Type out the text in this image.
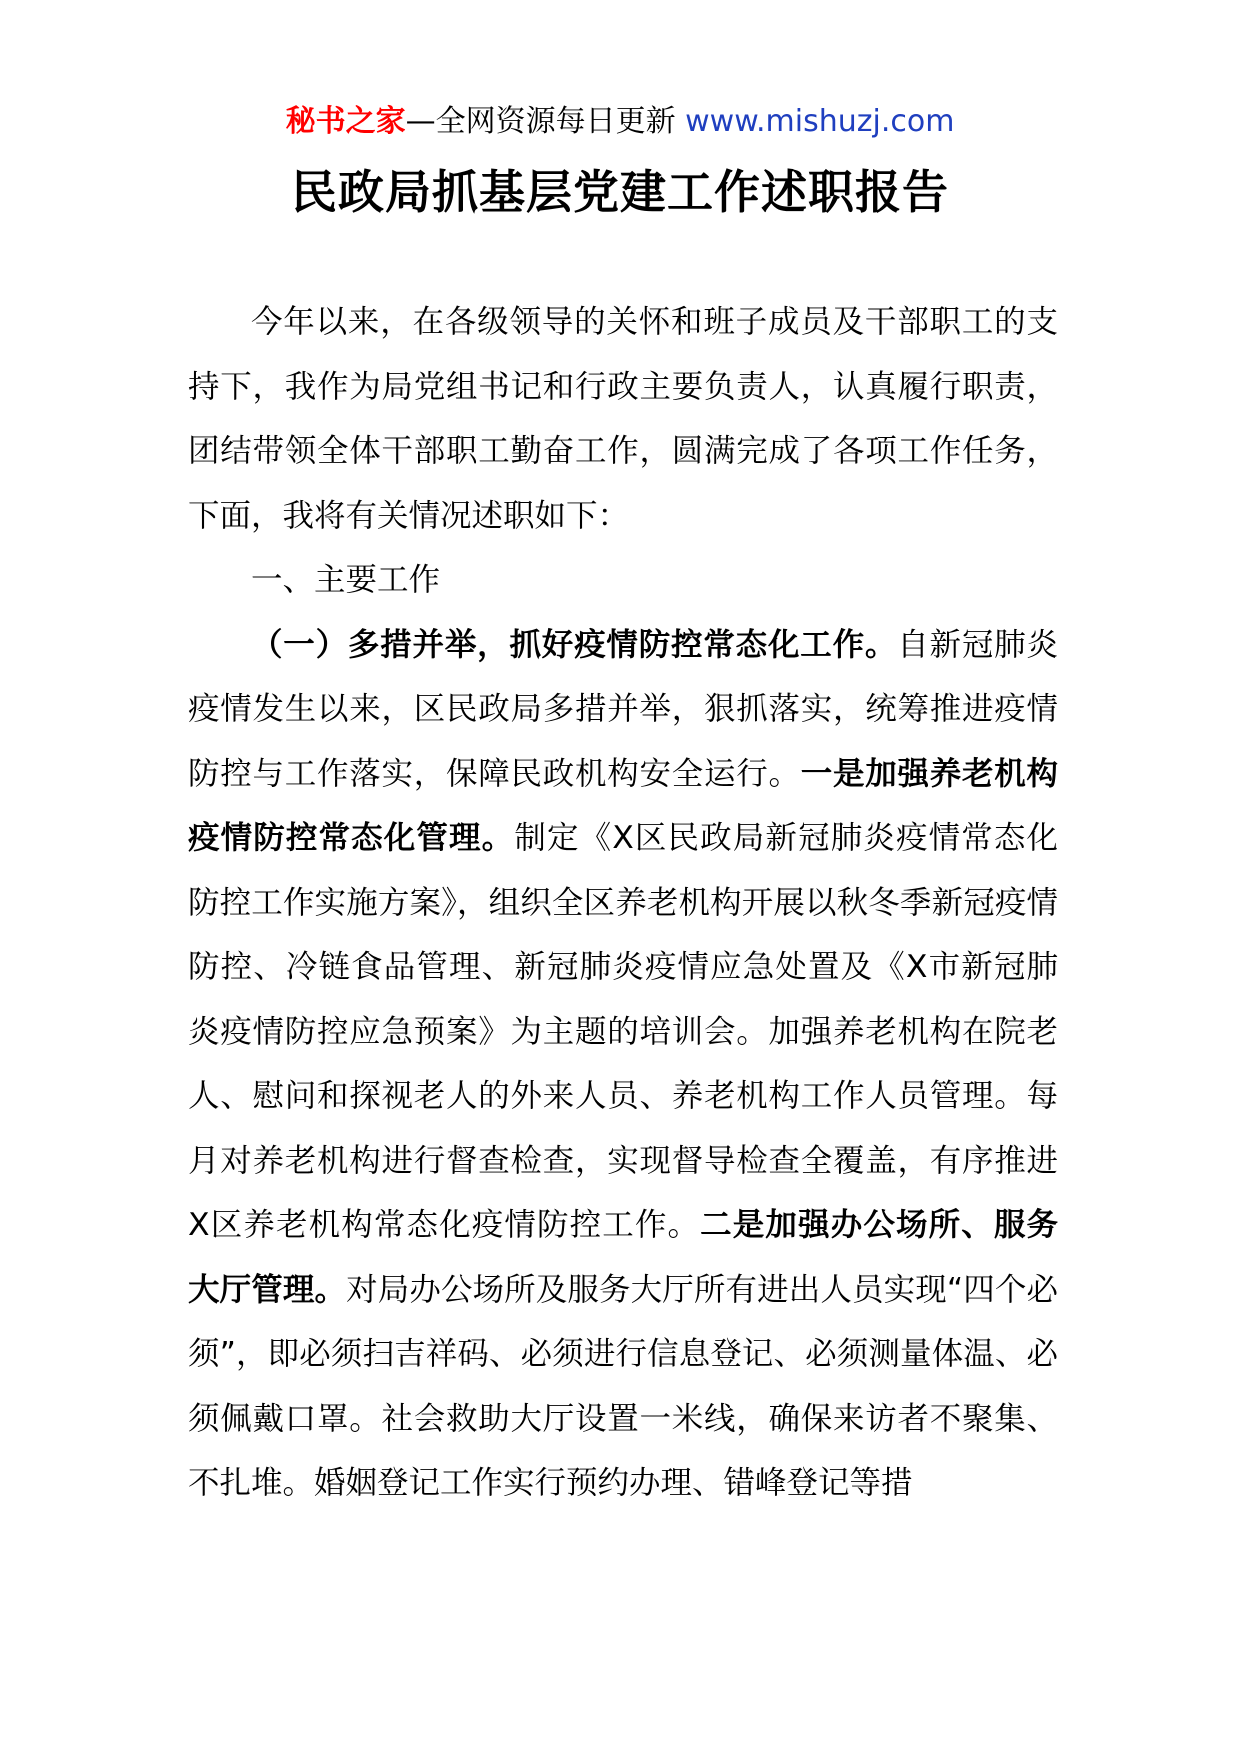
秘书之家—全网资源每日更新 www.mishuzj.com
民政局抓基层党建工作述职报告

今年以来，在各级领导的关怀和班子成员及干部职工的支持下，我作为局党组书记和行政主要负责人，认真履行职责，团结带领全体干部职工勤奋工作，圆满完成了各项工作任务，下面，我将有关情况述职如下：

一、主要工作

（一）多措并举，抓好疫情防控常态化工作。自新冠肺炎疫情发生以来，区民政局多措并举，狠抓落实，统筹推进疫情防控与工作落实，保障民政机构安全运行。一是加强养老机构疫情防控常态化管理。制定《X区民政局新冠肺炎疫情常态化防控工作实施方案》，组织全区养老机构开展以秋冬季新冠疫情防控、冷链食品管理、新冠肺炎疫情应急处置及《X市新冠肺炎疫情防控应急预案》为主题的培训会。加强养老机构在院老人、慰问和探视老人的外来人员、养老机构工作人员管理。每月对养老机构进行督查检查，实现督导检查全覆盖，有序推进X区养老机构常态化疫情防控工作。二是加强办公场所、服务大厅管理。对局办公场所及服务大厅所有进出人员实现“四个必须”，即必须扫吉祥码、必须进行信息登记、必须测量体温、必须佩戴口罩。社会救助大厅设置一米线，确保来访者不聚集、不扎堆。婚姻登记工作实行预约办理、错峰登记等措
